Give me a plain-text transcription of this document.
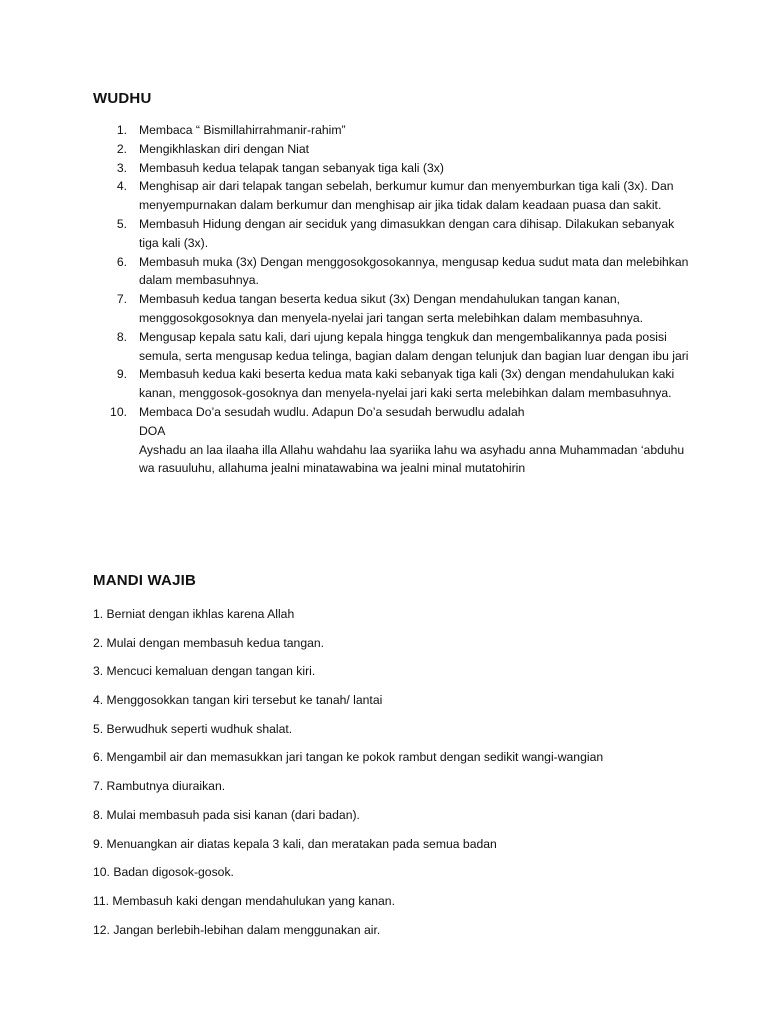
WUDHU
1. Membaca “ Bismillahirrahmanir-rahim”
2. Mengikhlaskan diri dengan Niat
3. Membasuh kedua telapak tangan sebanyak tiga kali (3x)
4. Menghisap air dari telapak tangan sebelah, berkumur kumur dan menyemburkan tiga kali (3x). Dan menyempurnakan dalam berkumur dan menghisap air jika tidak dalam keadaan puasa dan sakit.
5. Membasuh Hidung dengan air seciduk yang dimasukkan dengan cara dihisap. Dilakukan sebanyak tiga kali (3x).
6. Membasuh muka (3x) Dengan menggosokgosokannya, mengusap kedua sudut mata dan melebihkan dalam membasuhnya.
7. Membasuh kedua tangan beserta kedua sikut (3x) Dengan mendahulukan tangan kanan, menggosokgosoknya dan menyela-nyelai jari tangan serta melebihkan dalam membasuhnya.
8. Mengusap kepala satu kali, dari ujung kepala hingga tengkuk dan mengembalikannya pada posisi semula, serta mengusap kedua telinga, bagian dalam dengan telunjuk dan bagian luar dengan ibu jari
9. Membasuh kedua kaki beserta kedua mata kaki sebanyak tiga kali (3x) dengan mendahulukan kaki kanan, menggosok-gosoknya dan menyela-nyelai jari kaki serta melebihkan dalam membasuhnya.
10. Membaca Do’a sesudah wudlu. Adapun Do’a sesudah berwudlu adalah
DOA
Ayshadu an laa ilaaha illa Allahu wahdahu laa syariika lahu wa asyhadu anna Muhammadan ‘abduhu wa rasuuluhu, allahuma jealni minatawabina wa jealni minal mutatohirin
MANDI WAJIB
1. Berniat dengan ikhlas karena Allah
2. Mulai dengan membasuh kedua tangan.
3. Mencuci kemaluan dengan tangan kiri.
4. Menggosokkan tangan kiri tersebut ke tanah/ lantai
5. Berwudhuk seperti wudhuk shalat.
6. Mengambil air dan memasukkan jari tangan ke pokok rambut dengan sedikit wangi-wangian
7. Rambutnya diuraikan.
8. Mulai membasuh pada sisi kanan (dari badan).
9. Menuangkan air diatas kepala 3 kali, dan meratakan pada semua badan
10. Badan digosok-gosok.
11. Membasuh kaki dengan mendahulukan yang kanan.
12. Jangan berlebih-lebihan dalam menggunakan air.
